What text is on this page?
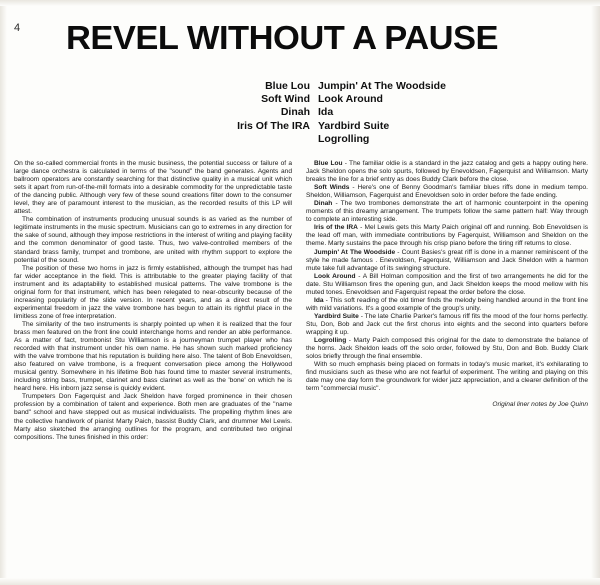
4 REVEL WITHOUT A PAUSE
Blue Lou
Soft Wind
Dinah
Iris Of The IRA
Jumpin' At The Woodside
Look Around
Ida
Yardbird Suite
Logrolling

On the so-called commercial fronts in the music business, the potential success or failure of a large dance orchestra is calculated in terms of the "sound" the band generates. Agents and ballroom operators are constantly searching for that distinctive quality in a musical unit which sets it apart from run-of-the-mill formats into a desirable commodity for the unpredictable taste of the dancing public. Although very few of these sound creations filter down to the consumer level, they are of paramount interest to the musician, as the recorded results of this LP will attest.

The combination of instruments producing unusual sounds is as varied as the number of legitimate instruments in the music spectrum. Musicians can go to extremes in any direction for the sake of sound, although they impose restrictions in the interest of writing and playing facility and the common denominator of good taste. Thus, two valve-controlled members of the standard brass family, trumpet and trombone, are united with rhythm support to explore the potential of the sound.

The position of these two horns in jazz is firmly established, although the trumpet has had far wider acceptance in the field. This is attributable to the greater playing facility of that instrument and its adaptability to established musical patterns. The valve trombone is the original form for that instrument, which has been relegated to near-obscurity because of the increasing popularity of the slide version. In recent years, and as a direct result of the experimental freedom in jazz the valve trombone has begun to attain its rightful place in the limitless zone of free interpretation.

The similarity of the two instruments is sharply pointed up when it is realized that the four brass men featured on the front line could interchange horns and render an able performance. As a matter of fact, trombonist Stu Williamson is a journeyman trumpet player who has recorded with that instrument under his own name. He has shown such marked proficiency with the valve trombone that his reputation is building here also. The talent of Bob Enevoldsen, also featured on valve trombone, is a frequent conversation piece among the Hollywood musical gentry. Somewhere in his lifetime Bob has found time to master several instruments, including string bass, trumpet, clarinet and bass clarinet as well as the 'bone' on which he is heard here. His inborn jazz sense is quickly evident.

Trumpeters Don Fagerquist and Jack Sheldon have forged prominence in their chosen profession by a combination of talent and experience. Both men are graduates of the "name band" school and have stepped out as musical individualists. The propelling rhythm lines are the collective handiwork of pianist Marty Paich, bassist Buddy Clark, and drummer Mel Lewis. Marty also sketched the arranging outlines for the program, and contributed two original compositions. The tunes finished in this order:

Blue Lou - The familiar oldie is a standard in the jazz catalog and gets a happy outing here. Jack Sheldon opens the solo spurts, followed by Enevoldsen, Fagerquist and Williamson. Marty breaks the line for a brief entry as does Buddy Clark before the close.

Soft Winds - Here's one of Benny Goodman's familiar blues riffs done in medium tempo. Sheldon, Williamson, Fagerquist and Enevoldsen solo in order before the fade ending.

Dinah - The two trombones demonstrate the art of harmonic counterpoint in the opening moments of this dreamy arrangement. The trumpets follow the same pattern half: Way through to complete an interesting side.

Iris of the IRA - Mel Lewis gets this Marty Paich original off and running. Bob Enevoldsen is the lead off man, with immediate contributions by Fagerquist, Williamson and Sheldon on the theme. Marty sustains the pace through his crisp piano before the tiring riff returns to close.

Jumpin' At The Woodside - Count Basies's great riff is done in a manner reminiscent of the style he made famous . Enevoldsen, Fagerquist, Williamson and Jack Sheldon with a harmon mute take full advantage of its swinging structure.

Look Around - A Bill Holman composition and the first of two arrangements he did for the date. Stu Williamson fires the opening gun, and Jack Sheldon keeps the mood mellow with his muted tones. Enevoldsen and Fagerquist repeat the order before the close.

Ida - This soft reading of the old timer finds the melody being handled around in the front line with mild variations. It's a good example of the group's unity.

Yardbird Suite - The late Charlie Parker's famous riff fits the mood of the four horns perfectly. Stu, Don, Bob and Jack cut the first chorus into eights and the second into quarters before wrapping it up.

Logrolling - Marty Paich composed this original for the date to demonstrate the balance of the horns. Jack Sheldon leads off the solo order, followed by Stu, Don and Bob. Buddy Clark solos briefly through the final ensemble.

With so much emphasis being placed on formats in today's music market, it's exhilarating to find musicians such as these who are not fearful of experiment. The writing and playing on this date may one day form the groundwork for wider jazz appreciation, and a clearer definition of the term "commercial music".

Original liner notes by Joe Quinn
